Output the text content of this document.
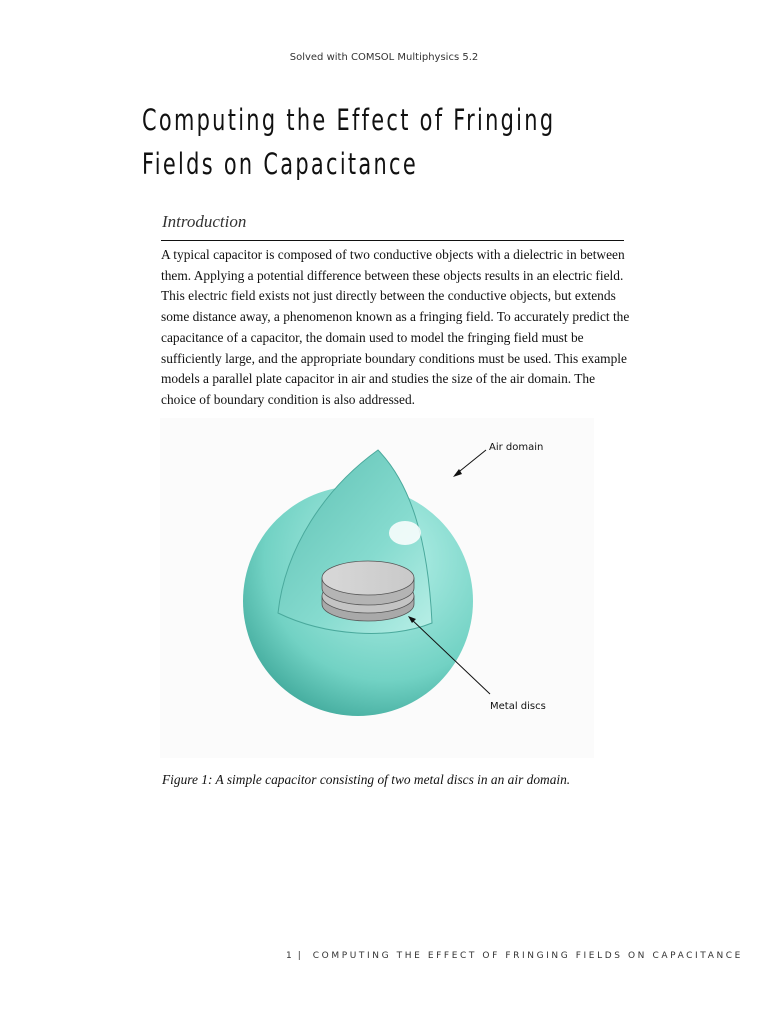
Solved with COMSOL Multiphysics 5.2
Computing the Effect of Fringing
Fields on Capacitance
Introduction
A typical capacitor is composed of two conductive objects with a dielectric in between them. Applying a potential difference between these objects results in an electric field. This electric field exists not just directly between the conductive objects, but extends some distance away, a phenomenon known as a fringing field. To accurately predict the capacitance of a capacitor, the domain used to model the fringing field must be sufficiently large, and the appropriate boundary conditions must be used. This example models a parallel plate capacitor in air and studies the size of the air domain. The choice of boundary condition is also addressed.
Air domain
Metal discs
Figure 1: A simple capacitor consisting of two metal discs in an air domain.
1 | COMPUTING THE EFFECT OF FRINGING FIELDS ON CAPACITANCE
